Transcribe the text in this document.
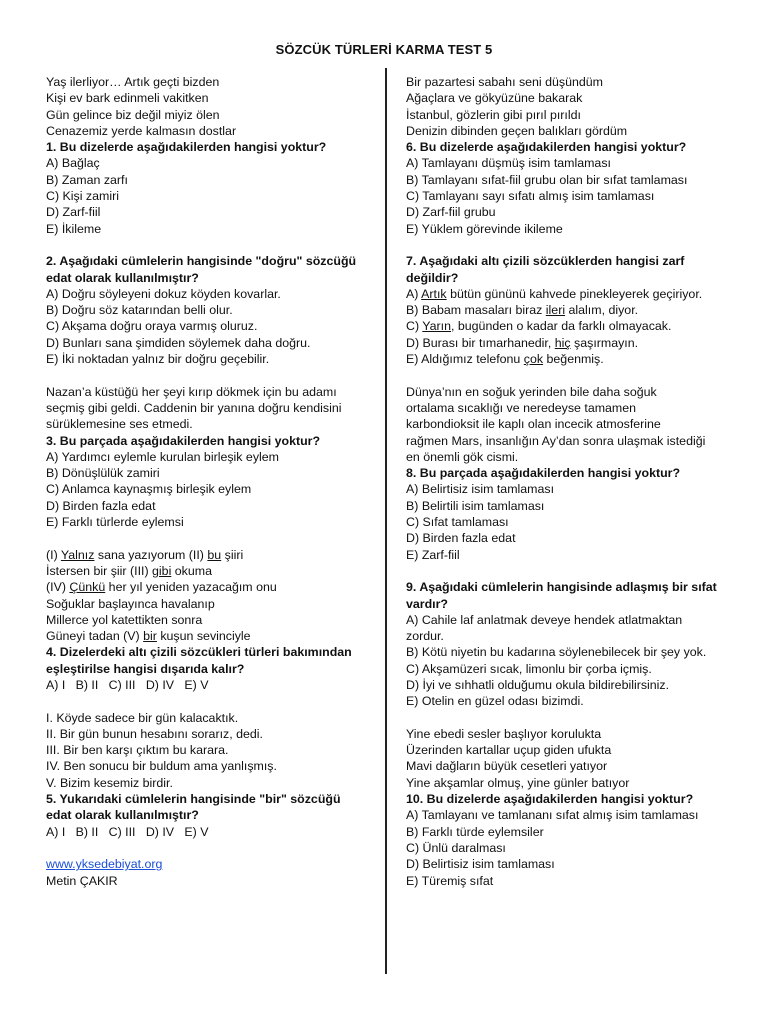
SÖZCÜK TÜRLERİ KARMA TEST 5
Yaş ilerliyor… Artık geçti bizden
Kişi ev bark edinmeli vakitken
Gün gelince biz değil miyiz ölen
Cenazemiz yerde kalmasın dostlar
1. Bu dizelerde aşağıdakilerden hangisi yoktur?
A) Bağlaç
B) Zaman zarfı
C) Kişi zamiri
D) Zarf-fiil
E) İkileme
2. Aşağıdaki cümlelerin hangisinde "doğru" sözcüğü
edat olarak kullanılmıştır?
A) Doğru söyleyeni dokuz köyden kovarlar.
B) Doğru söz katarından belli olur.
C) Akşama doğru oraya varmış oluruz.
D) Bunları sana şimdiden söylemek daha doğru.
E) İki noktadan yalnız bir doğru geçebilir.
Nazan’a küstüğü her şeyi kırıp dökmek için bu adamı
seçmiş gibi geldi. Caddenin bir yanına doğru kendisini
sürüklemesine ses etmedi.
3. Bu parçada aşağıdakilerden hangisi yoktur?
A) Yardımcı eylemle kurulan birleşik eylem
B) Dönüşlülük zamiri
C) Anlamca kaynaşmış birleşik eylem
D) Birden fazla edat
E) Farklı türlerde eylemsi
(I) Yalnız sana yazıyorum (II) bu şiiri
İstersen bir şiir (III) gibi okuma
(IV) Çünkü her yıl yeniden yazacağım onu
Soğuklar başlayınca havalanıp
Millerce yol katettikten sonra
Güneyi tadan (V) bir kuşun sevinciyle
4. Dizelerdeki altı çizili sözcükleri türleri bakımından
eşleştirilse hangisi dışarıda kalır?
A) I   B) II   C) III   D) IV   E) V
I. Köyde sadece bir gün kalacaktık.
II. Bir gün bunun hesabını sorarız, dedi.
III. Bir ben karşı çıktım bu karara.
IV. Ben sonucu bir buldum ama yanlışmış.
V. Bizim kesemiz birdir.
5. Yukarıdaki cümlelerin hangisinde "bir" sözcüğü
edat olarak kullanılmıştır?
A) I   B) II   C) III   D) IV   E) V
www.yksedebiyat.org
Metin ÇAKIR
Bir pazartesi sabahı seni düşündüm
Ağaçlara ve gökyüzüne bakarak
İstanbul, gözlerin gibi pırıl pırıldı
Denizin dibinden geçen balıkları gördüm
6. Bu dizelerde aşağıdakilerden hangisi yoktur?
A) Tamlayanı düşmüş isim tamlaması
B) Tamlayanı sıfat-fiil grubu olan bir sıfat tamlaması
C) Tamlayanı sayı sıfatı almış isim tamlaması
D) Zarf-fiil grubu
E) Yüklem görevinde ikileme
7. Aşağıdaki altı çizili sözcüklerden hangisi zarf
değildir?
A) Artık bütün gününü kahvede pinekleyerek geçiriyor.
B) Babam masaları biraz ileri alalım, diyor.
C) Yarın, bugünden o kadar da farklı olmayacak.
D) Burası bir tımarhanedir, hiç şaşırmayın.
E) Aldığımız telefonu çok beğenmiş.
Dünya’nın en soğuk yerinden bile daha soğuk
ortalama sıcaklığı ve neredeyse tamamen
karbondioksit ile kaplı olan incecik atmosferine
rağmen Mars, insanlığın Ay’dan sonra ulaşmak istediği
en önemli gök cismi.
8. Bu parçada aşağıdakilerden hangisi yoktur?
A) Belirtisiz isim tamlaması
B) Belirtili isim tamlaması
C) Sıfat tamlaması
D) Birden fazla edat
E) Zarf-fiil
9. Aşağıdaki cümlelerin hangisinde adlaşmış bir sıfat
vardır?
A) Cahile laf anlatmak deveye hendek atlatmaktan
zordur.
B) Kötü niyetin bu kadarına söylenebilecek bir şey yok.
C) Akşamüzeri sıcak, limonlu bir çorba içmiş.
D) İyi ve sıhhatli olduğumu okula bildirebilirsiniz.
E) Otelin en güzel odası bizimdi.
Yine ebedi sesler başlıyor korulukta
Üzerinden kartallar uçup giden ufukta
Mavi dağların büyük cesetleri yatıyor
Yine akşamlar olmuş, yine günler batıyor
10. Bu dizelerde aşağıdakilerden hangisi yoktur?
A) Tamlayanı ve tamlananı sıfat almış isim tamlaması
B) Farklı türde eylemsiler
C) Ünlü daralması
D) Belirtisiz isim tamlaması
E) Türemiş sıfat
